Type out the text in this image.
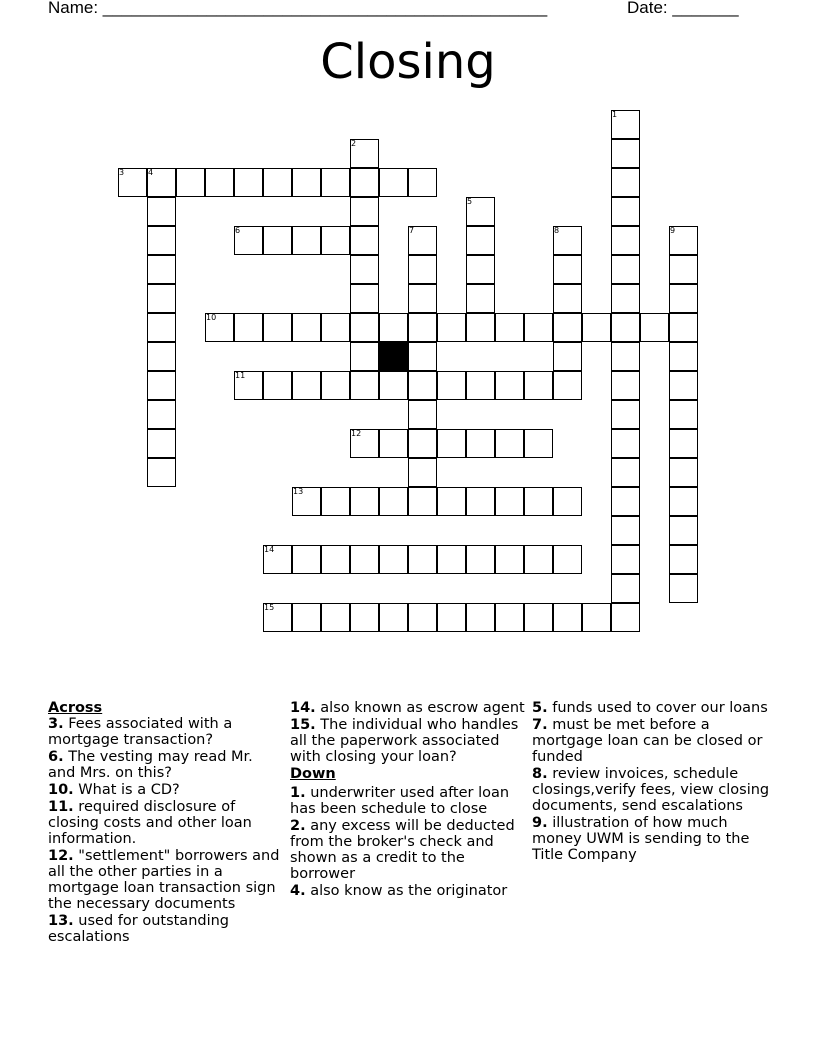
Name: _______________________________________________	Date: _______
Closing
1
2
3	4
5
6	7	8	9
10
11
12
13
14
15
Across
3. Fees associated with a mortgage transaction?
6. The vesting may read Mr. and Mrs. on this?
10. What is a CD?
11. required disclosure of closing costs and other loan information.
12. "settlement" borrowers and all the other parties in a mortgage loan transaction sign the necessary documents
13. used for outstanding escalations
14. also known as escrow agent
15. The individual who handles all the paperwork associated with closing your loan?
Down
1. underwriter used after loan has been schedule to close
2. any excess will be deducted from the broker's check and shown as a credit to the borrower
4. also know as the originator
5. funds used to cover our loans
7. must be met before a mortgage loan can be closed or funded
8. review invoices, schedule closings,verify fees, view closing documents, send escalations
9. illustration of how much money UWM is sending to the Title Company
